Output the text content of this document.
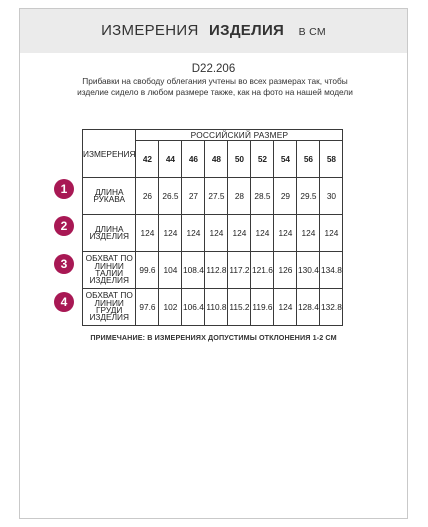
ИЗМЕРЕНИЯ ИЗДЕЛИЯ В СМ
D22.206
Прибавки на свободу облегания учтены во всех размерах так, чтобы изделие сидело в любом размере также, как на фото на нашей модели
ИЗМЕРЕНИЯ	РОССИЙСКИЙ РАЗМЕР								
	42	44	46	48	50	52	54	56	58
ДЛИНА
РУКАВА	26	26.5	27	27.5	28	28.5	29	29.5	30
ДЛИНА
ИЗДЕЛИЯ	124	124	124	124	124	124	124	124	124
ОБХВАТ ПО
ЛИНИИ ТАЛИИ
ИЗДЕЛИЯ	99.6	104	108.4	112.8	117.2	121.6	126	130.4	134.8
ОБХВАТ ПО
ЛИНИИ ГРУДИ
ИЗДЕЛИЯ	97.6	102	106.4	110.8	115.2	119.6	124	128.4	132.8
1
2
3
4
ПРИМЕЧАНИЕ: В ИЗМЕРЕНИЯХ ДОПУСТИМЫ ОТКЛОНЕНИЯ 1-2 СМ
